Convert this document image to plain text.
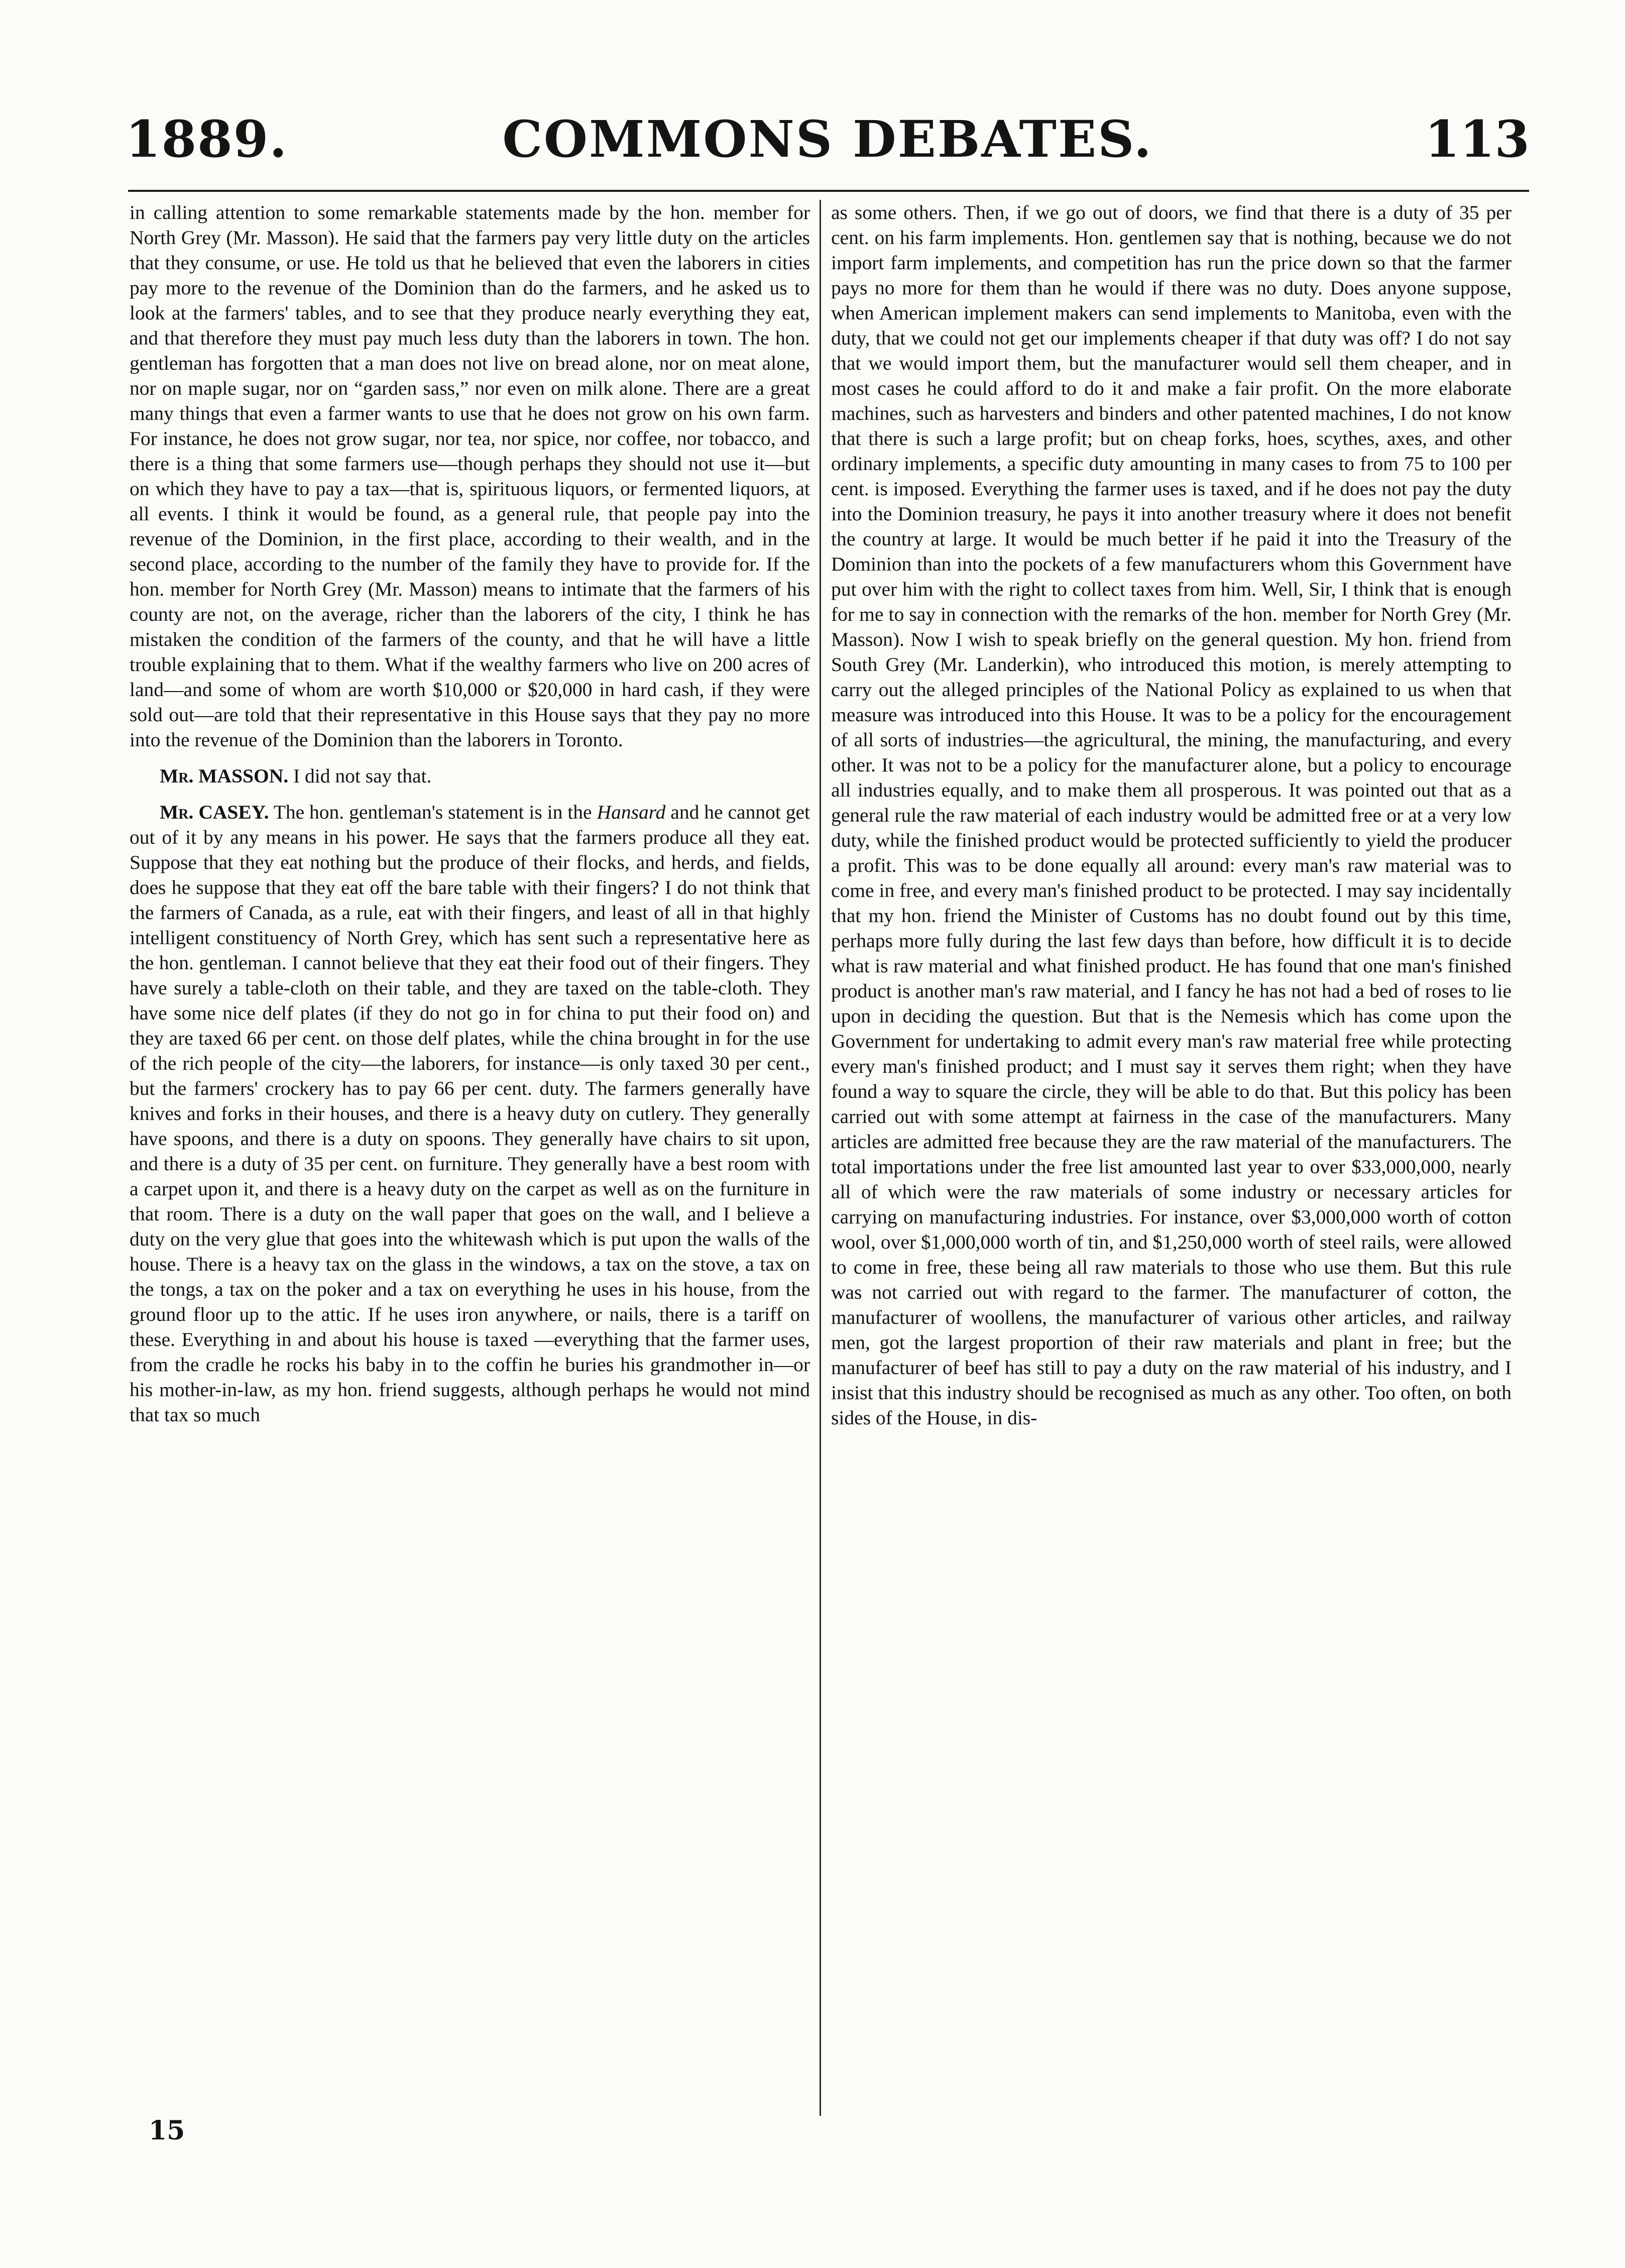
1889.	COMMONS DEBATES.	113

in calling attention to some remarkable statements made by the hon. member for North Grey (Mr. Masson). He said that the farmers pay very little duty on the articles that they consume, or use. He told us that he believed that even the laborers in cities pay more to the revenue of the Dominion than do the farmers, and he asked us to look at the farmers' tables, and to see that they produce nearly everything they eat, and that therefore they must pay much less duty than the laborers in town. The hon. gentleman has forgotten that a man does not live on bread alone, nor on meat alone, nor on maple sugar, nor on “garden sass,” nor even on milk alone. There are a great many things that even a farmer wants to use that he does not grow on his own farm. For instance, he does not grow sugar, nor tea, nor spice, nor coffee, nor tobacco, and there is a thing that some farmers use—though perhaps they should not use it—but on which they have to pay a tax—that is, spirituous liquors, or fermented liquors, at all events. I think it would be found, as a general rule, that people pay into the revenue of the Dominion, in the first place, according to their wealth, and in the second place, according to the number of the family they have to provide for. If the hon. member for North Grey (Mr. Masson) means to intimate that the farmers of his county are not, on the average, richer than the laborers of the city, I think he has mistaken the condition of the farmers of the county, and that he will have a little trouble explaining that to them. What if the wealthy farmers who live on 200 acres of land—and some of whom are worth $10,000 or $20,000 in hard cash, if they were sold out—are told that their representative in this House says that they pay no more into the revenue of the Dominion than the laborers in Toronto.

Mr. MASSON. I did not say that.

Mr. CASEY. The hon. gentleman's statement is in the Hansard and he cannot get out of it by any means in his power. He says that the farmers produce all they eat. Suppose that they eat nothing but the produce of their flocks, and herds, and fields, does he suppose that they eat off the bare table with their fingers? I do not think that the farmers of Canada, as a rule, eat with their fingers, and least of all in that highly intelligent constituency of North Grey, which has sent such a representative here as the hon. gentleman. I cannot believe that they eat their food out of their fingers. They have surely a table-cloth on their table, and they are taxed on the table-cloth. They have some nice delf plates (if they do not go in for china to put their food on) and they are taxed 66 per cent. on those delf plates, while the china brought in for the use of the rich people of the city—the laborers, for instance—is only taxed 30 per cent., but the farmers' crockery has to pay 66 per cent. duty. The farmers generally have knives and forks in their houses, and there is a heavy duty on cutlery. They generally have spoons, and there is a duty on spoons. They generally have chairs to sit upon, and there is a duty of 35 per cent. on furniture. They generally have a best room with a carpet upon it, and there is a heavy duty on the carpet as well as on the furniture in that room. There is a duty on the wall paper that goes on the wall, and I believe a duty on the very glue that goes into the whitewash which is put upon the walls of the house. There is a heavy tax on the glass in the windows, a tax on the stove, a tax on the tongs, a tax on the poker and a tax on everything he uses in his house, from the ground floor up to the attic. If he uses iron anywhere, or nails, there is a tariff on these. Everything in and about his house is taxed —everything that the farmer uses, from the cradle he rocks his baby in to the coffin he buries his grandmother in—or his mother-in-law, as my hon. friend suggests, although perhaps he would not mind that tax so much

as some others. Then, if we go out of doors, we find that there is a duty of 35 per cent. on his farm implements. Hon. gentlemen say that is nothing, because we do not import farm implements, and competition has run the price down so that the farmer pays no more for them than he would if there was no duty. Does anyone suppose, when American implement makers can send implements to Manitoba, even with the duty, that we could not get our implements cheaper if that duty was off? I do not say that we would import them, but the manufacturer would sell them cheaper, and in most cases he could afford to do it and make a fair profit. On the more elaborate machines, such as harvesters and binders and other patented machines, I do not know that there is such a large profit; but on cheap forks, hoes, scythes, axes, and other ordinary implements, a specific duty amounting in many cases to from 75 to 100 per cent. is imposed. Everything the farmer uses is taxed, and if he does not pay the duty into the Dominion treasury, he pays it into another treasury where it does not benefit the country at large. It would be much better if he paid it into the Treasury of the Dominion than into the pockets of a few manufacturers whom this Government have put over him with the right to collect taxes from him. Well, Sir, I think that is enough for me to say in connection with the remarks of the hon. member for North Grey (Mr. Masson). Now I wish to speak briefly on the general question. My hon. friend from South Grey (Mr. Landerkin), who introduced this motion, is merely attempting to carry out the alleged principles of the National Policy as explained to us when that measure was introduced into this House. It was to be a policy for the encouragement of all sorts of industries—the agricultural, the mining, the manufacturing, and every other. It was not to be a policy for the manufacturer alone, but a policy to encourage all industries equally, and to make them all prosperous. It was pointed out that as a general rule the raw material of each industry would be admitted free or at a very low duty, while the finished product would be protected sufficiently to yield the producer a profit. This was to be done equally all around: every man's raw material was to come in free, and every man's finished product to be protected. I may say incidentally that my hon. friend the Minister of Customs has no doubt found out by this time, perhaps more fully during the last few days than before, how difficult it is to decide what is raw material and what finished product. He has found that one man's finished product is another man's raw material, and I fancy he has not had a bed of roses to lie upon in deciding the question. But that is the Nemesis which has come upon the Government for undertaking to admit every man's raw material free while protecting every man's finished product; and I must say it serves them right; when they have found a way to square the circle, they will be able to do that. But this policy has been carried out with some attempt at fairness in the case of the manufacturers. Many articles are admitted free because they are the raw material of the manufacturers. The total importations under the free list amounted last year to over $33,000,000, nearly all of which were the raw materials of some industry or necessary articles for carrying on manufacturing industries. For instance, over $3,000,000 worth of cotton wool, over $1,000,000 worth of tin, and $1,250,000 worth of steel rails, were allowed to come in free, these being all raw materials to those who use them. But this rule was not carried out with regard to the farmer. The manufacturer of cotton, the manufacturer of woollens, the manufacturer of various other articles, and railway men, got the largest proportion of their raw materials and plant in free; but the manufacturer of beef has still to pay a duty on the raw material of his industry, and I insist that this industry should be recognised as much as any other. Too often, on both sides of the House, in dis-

15
